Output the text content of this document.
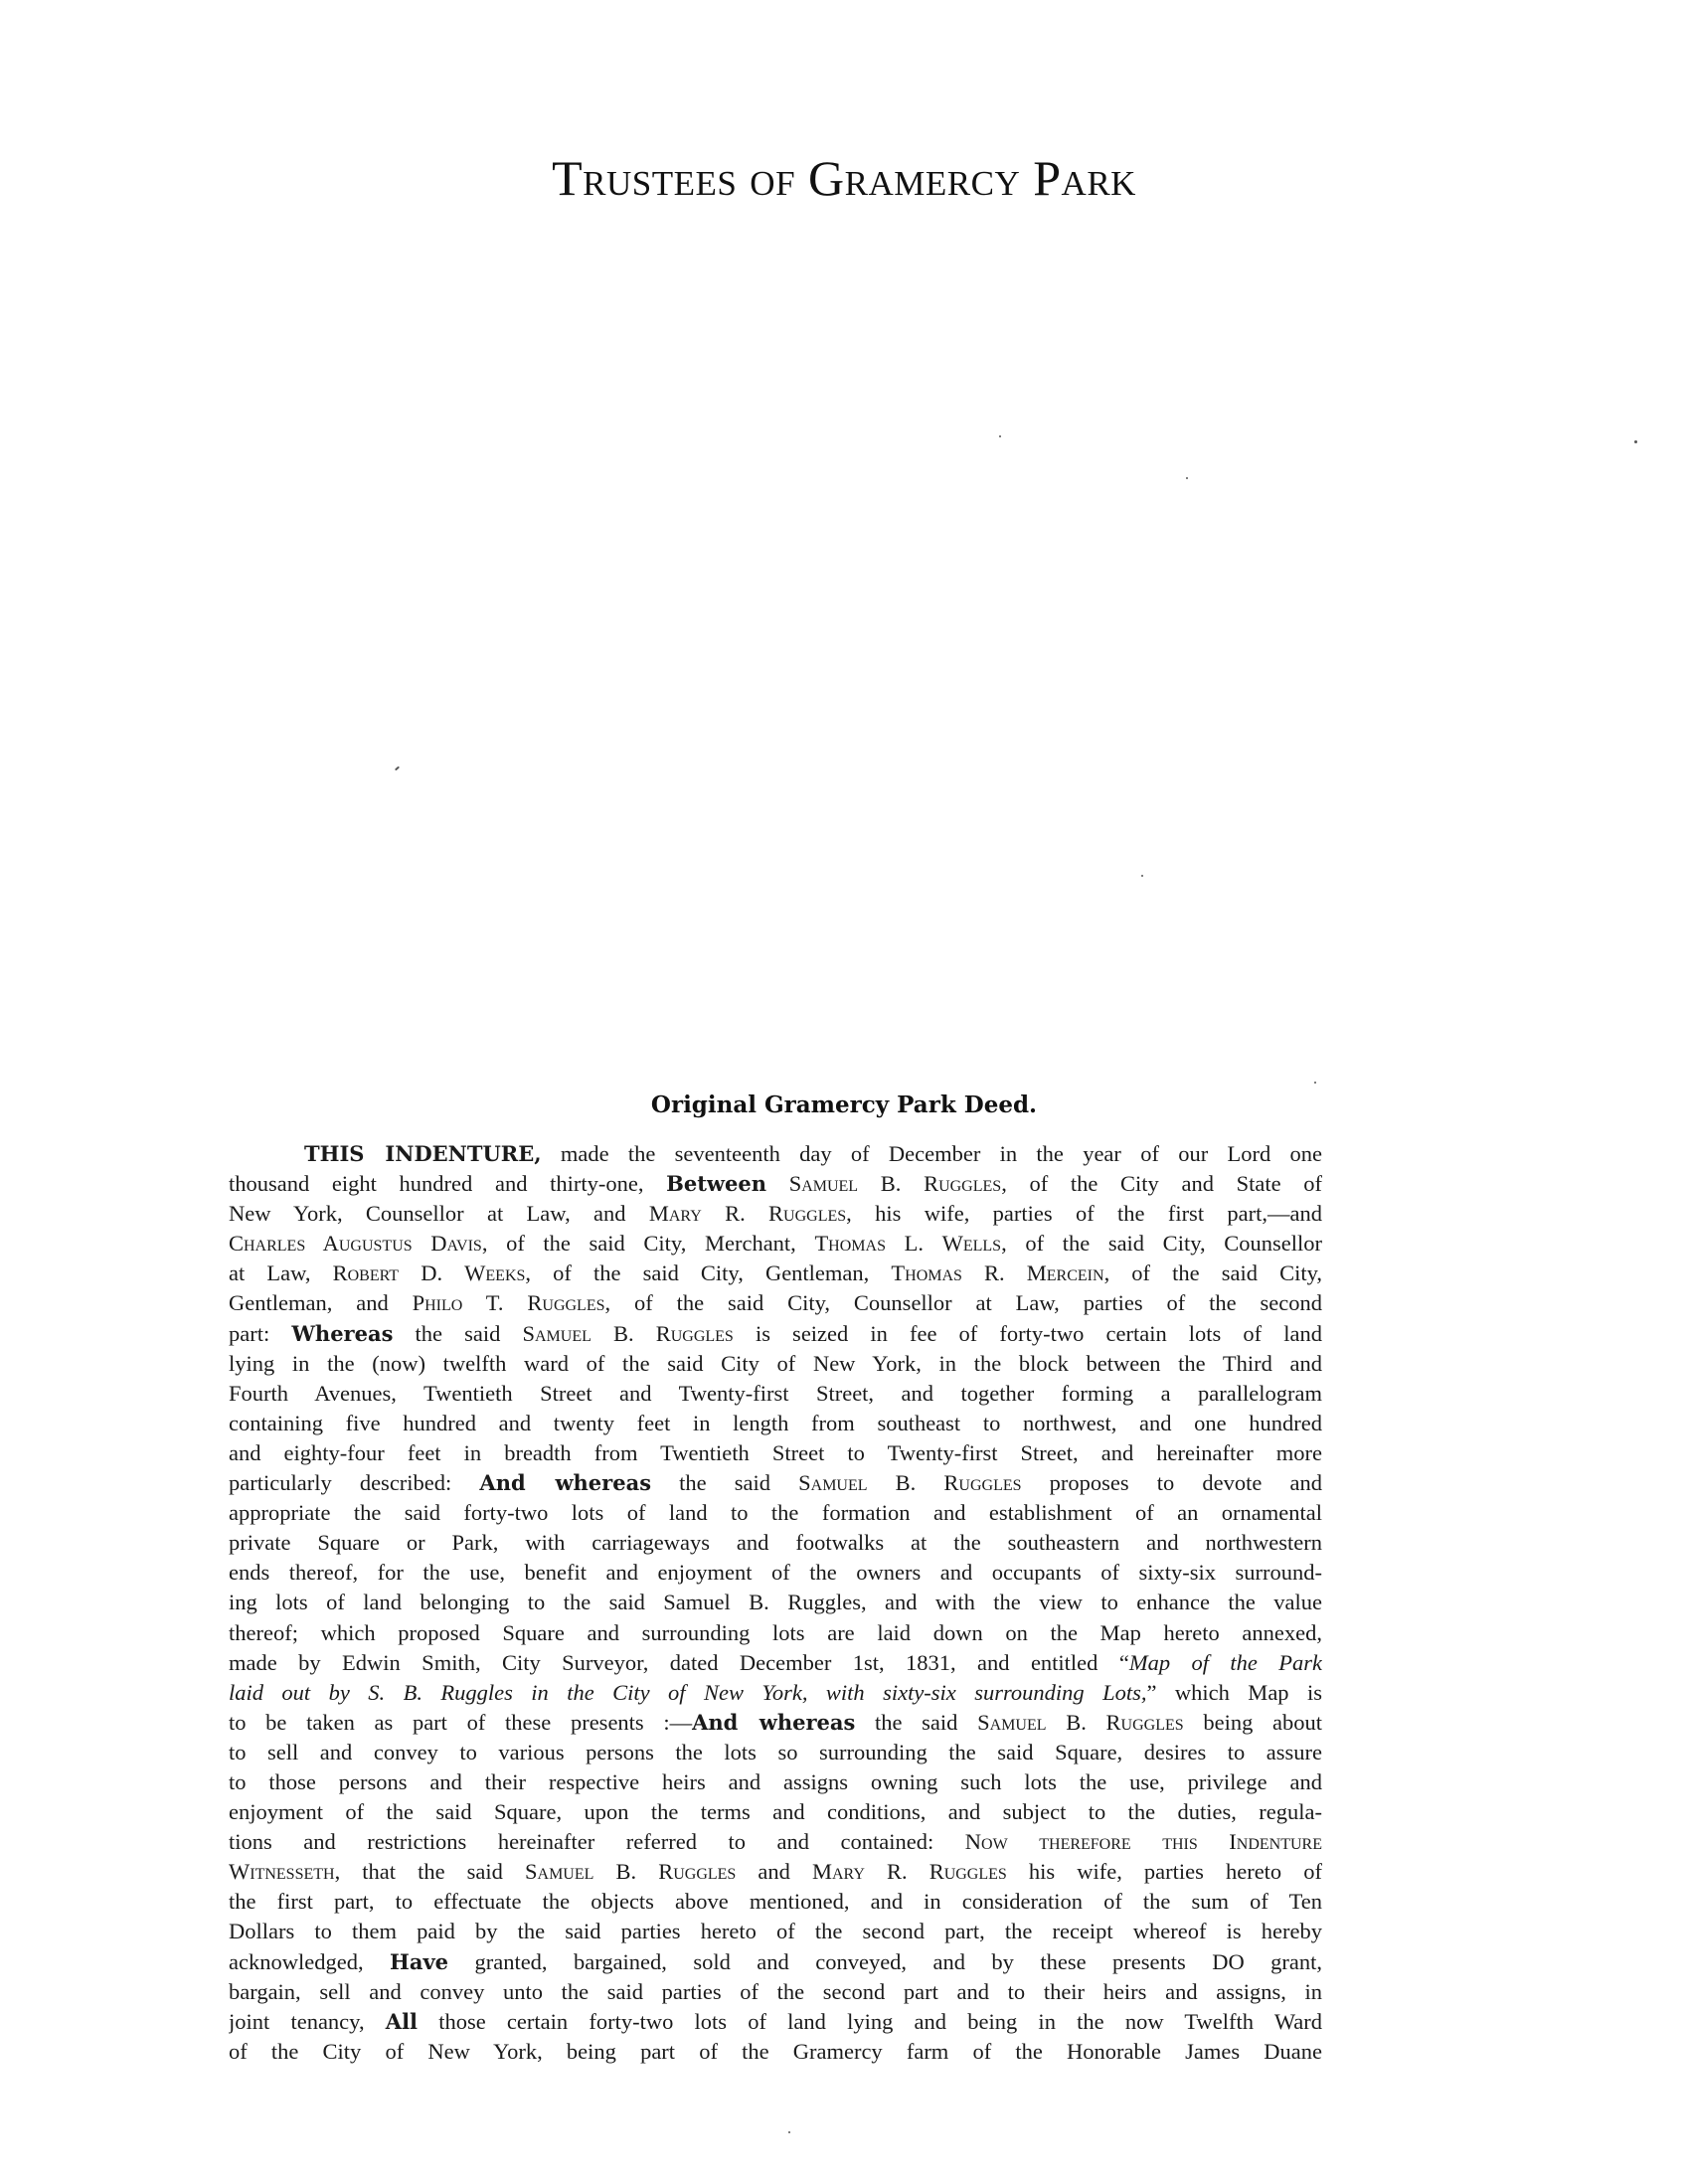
Trustees of Gramercy Park
Original Gramercy Park Deed.
THIS INDENTURE, made the seventeenth day of December in the year of our Lord one
thousand eight hundred and thirty-one, Between Samuel B. Ruggles, of the City and State of
New York, Counsellor at Law, and Mary R. Ruggles, his wife, parties of the first part,—and
Charles Augustus Davis, of the said City, Merchant, Thomas L. Wells, of the said City, Counsellor
at Law, Robert D. Weeks, of the said City, Gentleman, Thomas R. Mercein, of the said City,
Gentleman, and Philo T. Ruggles, of the said City, Counsellor at Law, parties of the second
part: Whereas the said Samuel B. Ruggles is seized in fee of forty-two certain lots of land
lying in the (now) twelfth ward of the said City of New York, in the block between the Third and
Fourth Avenues, Twentieth Street and Twenty-first Street, and together forming a parallelogram
containing five hundred and twenty feet in length from southeast to northwest, and one hundred
and eighty-four feet in breadth from Twentieth Street to Twenty-first Street, and hereinafter more
particularly described: And whereas the said Samuel B. Ruggles proposes to devote and
appropriate the said forty-two lots of land to the formation and establishment of an ornamental
private Square or Park, with carriageways and footwalks at the southeastern and northwestern
ends thereof, for the use, benefit and enjoyment of the owners and occupants of sixty-six surround-
ing lots of land belonging to the said Samuel B. Ruggles, and with the view to enhance the value
thereof; which proposed Square and surrounding lots are laid down on the Map hereto annexed,
made by Edwin Smith, City Surveyor, dated December 1st, 1831, and entitled “Map of the Park
laid out by S. B. Ruggles in the City of New York, with sixty-six surrounding Lots,” which Map is
to be taken as part of these presents :—And whereas the said Samuel B. Ruggles being about
to sell and convey to various persons the lots so surrounding the said Square, desires to assure
to those persons and their respective heirs and assigns owning such lots the use, privilege and
enjoyment of the said Square, upon the terms and conditions, and subject to the duties, regula-
tions and restrictions hereinafter referred to and contained: Now therefore this Indenture
Witnesseth, that the said Samuel B. Ruggles and Mary R. Ruggles his wife, parties hereto of
the first part, to effectuate the objects above mentioned, and in consideration of the sum of Ten
Dollars to them paid by the said parties hereto of the second part, the receipt whereof is hereby
acknowledged, Have granted, bargained, sold and conveyed, and by these presents DO grant,
bargain, sell and convey unto the said parties of the second part and to their heirs and assigns, in
joint tenancy, All those certain forty-two lots of land lying and being in the now Twelfth Ward
of the City of New York, being part of the Gramercy farm of the Honorable James Duane
